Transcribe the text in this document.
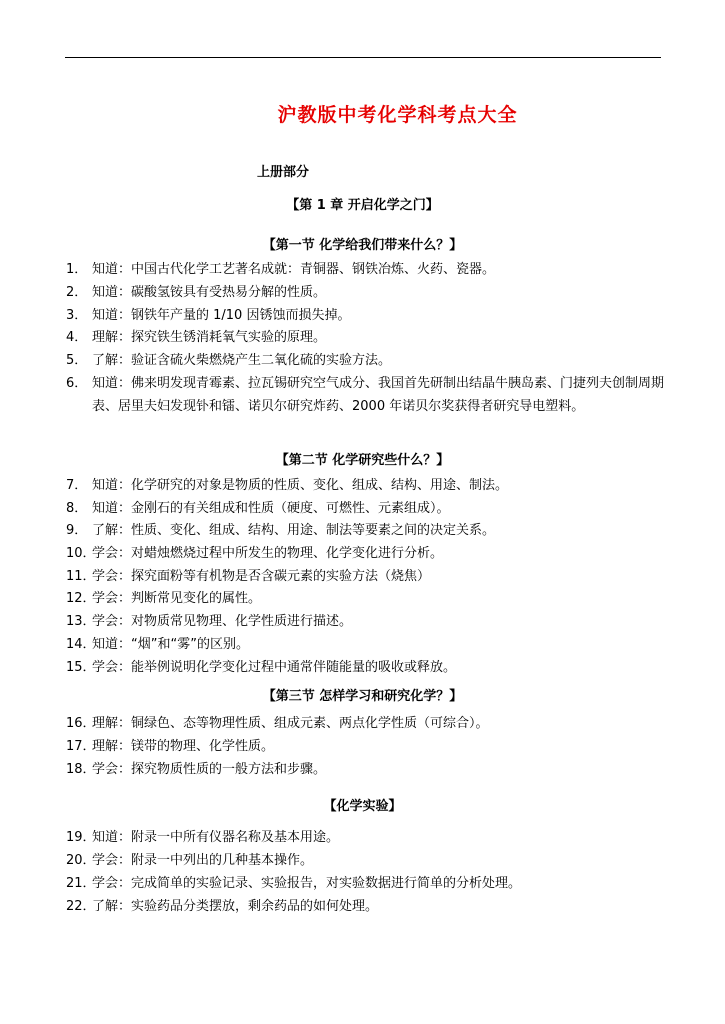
沪教版中考化学科考点大全
上册部分
【第 1 章 开启化学之门】
【第一节 化学给我们带来什么？】
1． 知道：中国古代化学工艺著名成就：青铜器、钢铁冶炼、火药、瓷器。
2． 知道：碳酸氢铵具有受热易分解的性质。
3． 知道：钢铁年产量的 1/10 因锈蚀而损失掉。
4． 理解：探究铁生锈消耗氧气实验的原理。
5． 了解：验证含硫火柴燃烧产生二氧化硫的实验方法。
6． 知道：佛来明发现青霉素、拉瓦锡研究空气成分、我国首先研制出结晶牛胰岛素、门捷列夫创制周期表、居里夫妇发现钋和镭、诺贝尔研究炸药、2000 年诺贝尔奖获得者研究导电塑料。
【第二节 化学研究些什么？】
7． 知道：化学研究的对象是物质的性质、变化、组成、结构、用途、制法。
8． 知道：金刚石的有关组成和性质（硬度、可燃性、元素组成）。
9． 了解：性质、变化、组成、结构、用途、制法等要素之间的决定关系。
10．学会：对蜡烛燃烧过程中所发生的物理、化学变化进行分析。
11．学会：探究面粉等有机物是否含碳元素的实验方法（烧焦）
12．学会：判断常见变化的属性。
13．学会：对物质常见物理、化学性质进行描述。
14．知道：“烟”和“雾”的区别。
15．学会：能举例说明化学变化过程中通常伴随能量的吸收或释放。
【第三节 怎样学习和研究化学？】
16．理解：铜绿色、态等物理性质、组成元素、两点化学性质（可综合）。
17．理解：镁带的物理、化学性质。
18．学会：探究物质性质的一般方法和步骤。
【化学实验】
19．知道：附录一中所有仪器名称及基本用途。
20．学会：附录一中列出的几种基本操作。
21．学会：完成简单的实验记录、实验报告，对实验数据进行简单的分析处理。
22．了解：实验药品分类摆放，剩余药品的如何处理。
